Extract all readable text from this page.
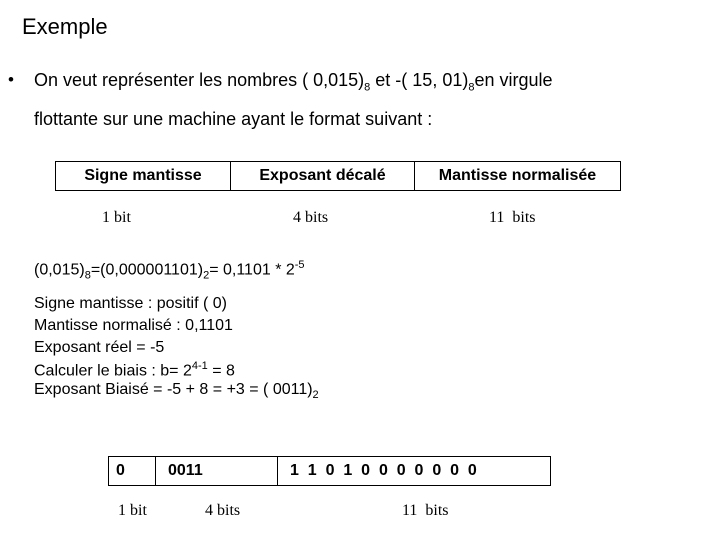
Exemple
• On veut représenter les nombres ( $0,015)_8$ et -( 15, $01)_8en$ virgule
flottante sur une machine ayant le format suivant :
Signe mantisse	Exposant décalé	Mantisse normalisée
1 bit	4 bits	11  bits
$(0,015)_8=(0,000001101)_2= 0,1101 * 2^{-5}$
Signe mantisse : positif ( 0)
Mantisse normalisé : 0,1101
Exposant réel = -5
Calculer le biais : $b= 2^{4-1} = 8$
Exposant Biaisé = -5 + 8 = +3 = ( $0011)_2$
0	0011	1  1  0  1  0  0  0  0  0  0  0
1 bit	4 bits	11  bits
